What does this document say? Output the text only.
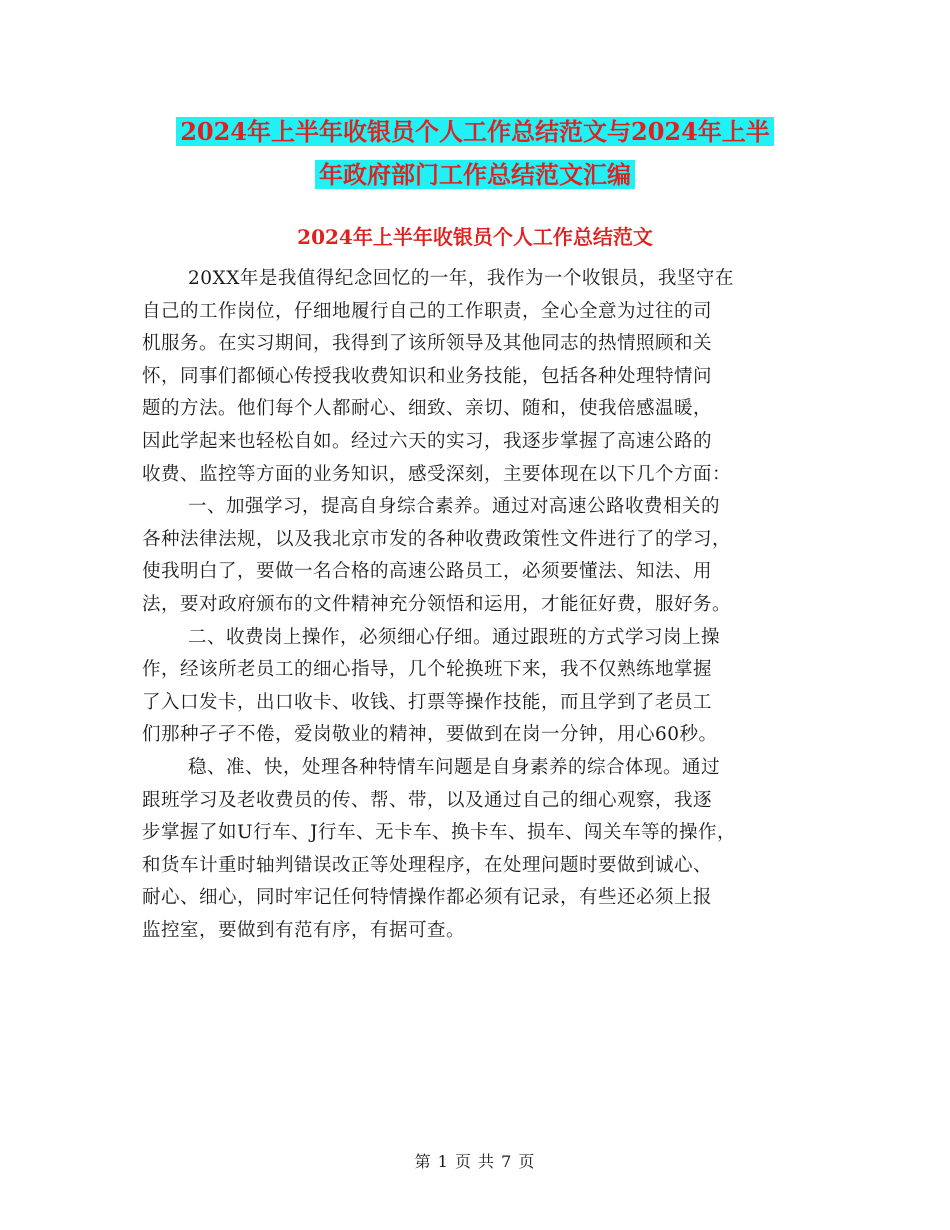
2024年上半年收银员个人工作总结范文与2024年上半
年政府部门工作总结范文汇编
2024年上半年收银员个人工作总结范文
20XX年是我值得纪念回忆的一年，我作为一个收银员，我坚守在
自己的工作岗位，仔细地履行自己的工作职责，全心全意为过往的司
机服务。在实习期间，我得到了该所领导及其他同志的热情照顾和关
怀，同事们都倾心传授我收费知识和业务技能，包括各种处理特情问
题的方法。他们每个人都耐心、细致、亲切、随和，使我倍感温暖，
因此学起来也轻松自如。经过六天的实习，我逐步掌握了高速公路的
收费、监控等方面的业务知识，感受深刻，主要体现在以下几个方面：
一、加强学习，提高自身综合素养。通过对高速公路收费相关的
各种法律法规，以及我北京市发的各种收费政策性文件进行了的学习，
使我明白了，要做一名合格的高速公路员工，必须要懂法、知法、用
法，要对政府颁布的文件精神充分领悟和运用，才能征好费，服好务。
二、收费岗上操作，必须细心仔细。通过跟班的方式学习岗上操
作，经该所老员工的细心指导，几个轮换班下来，我不仅熟练地掌握
了入口发卡，出口收卡、收钱、打票等操作技能，而且学到了老员工
们那种孑孑不倦，爱岗敬业的精神，要做到在岗一分钟，用心60秒。
稳、准、快，处理各种特情车问题是自身素养的综合体现。通过
跟班学习及老收费员的传、帮、带，以及通过自己的细心观察，我逐
步掌握了如U行车、J行车、无卡车、换卡车、损车、闯关车等的操作，
和货车计重时轴判错误改正等处理程序，在处理问题时要做到诚心、
耐心、细心，同时牢记任何特情操作都必须有记录，有些还必须上报
监控室，要做到有范有序，有据可查。
第 1 页 共 7 页
